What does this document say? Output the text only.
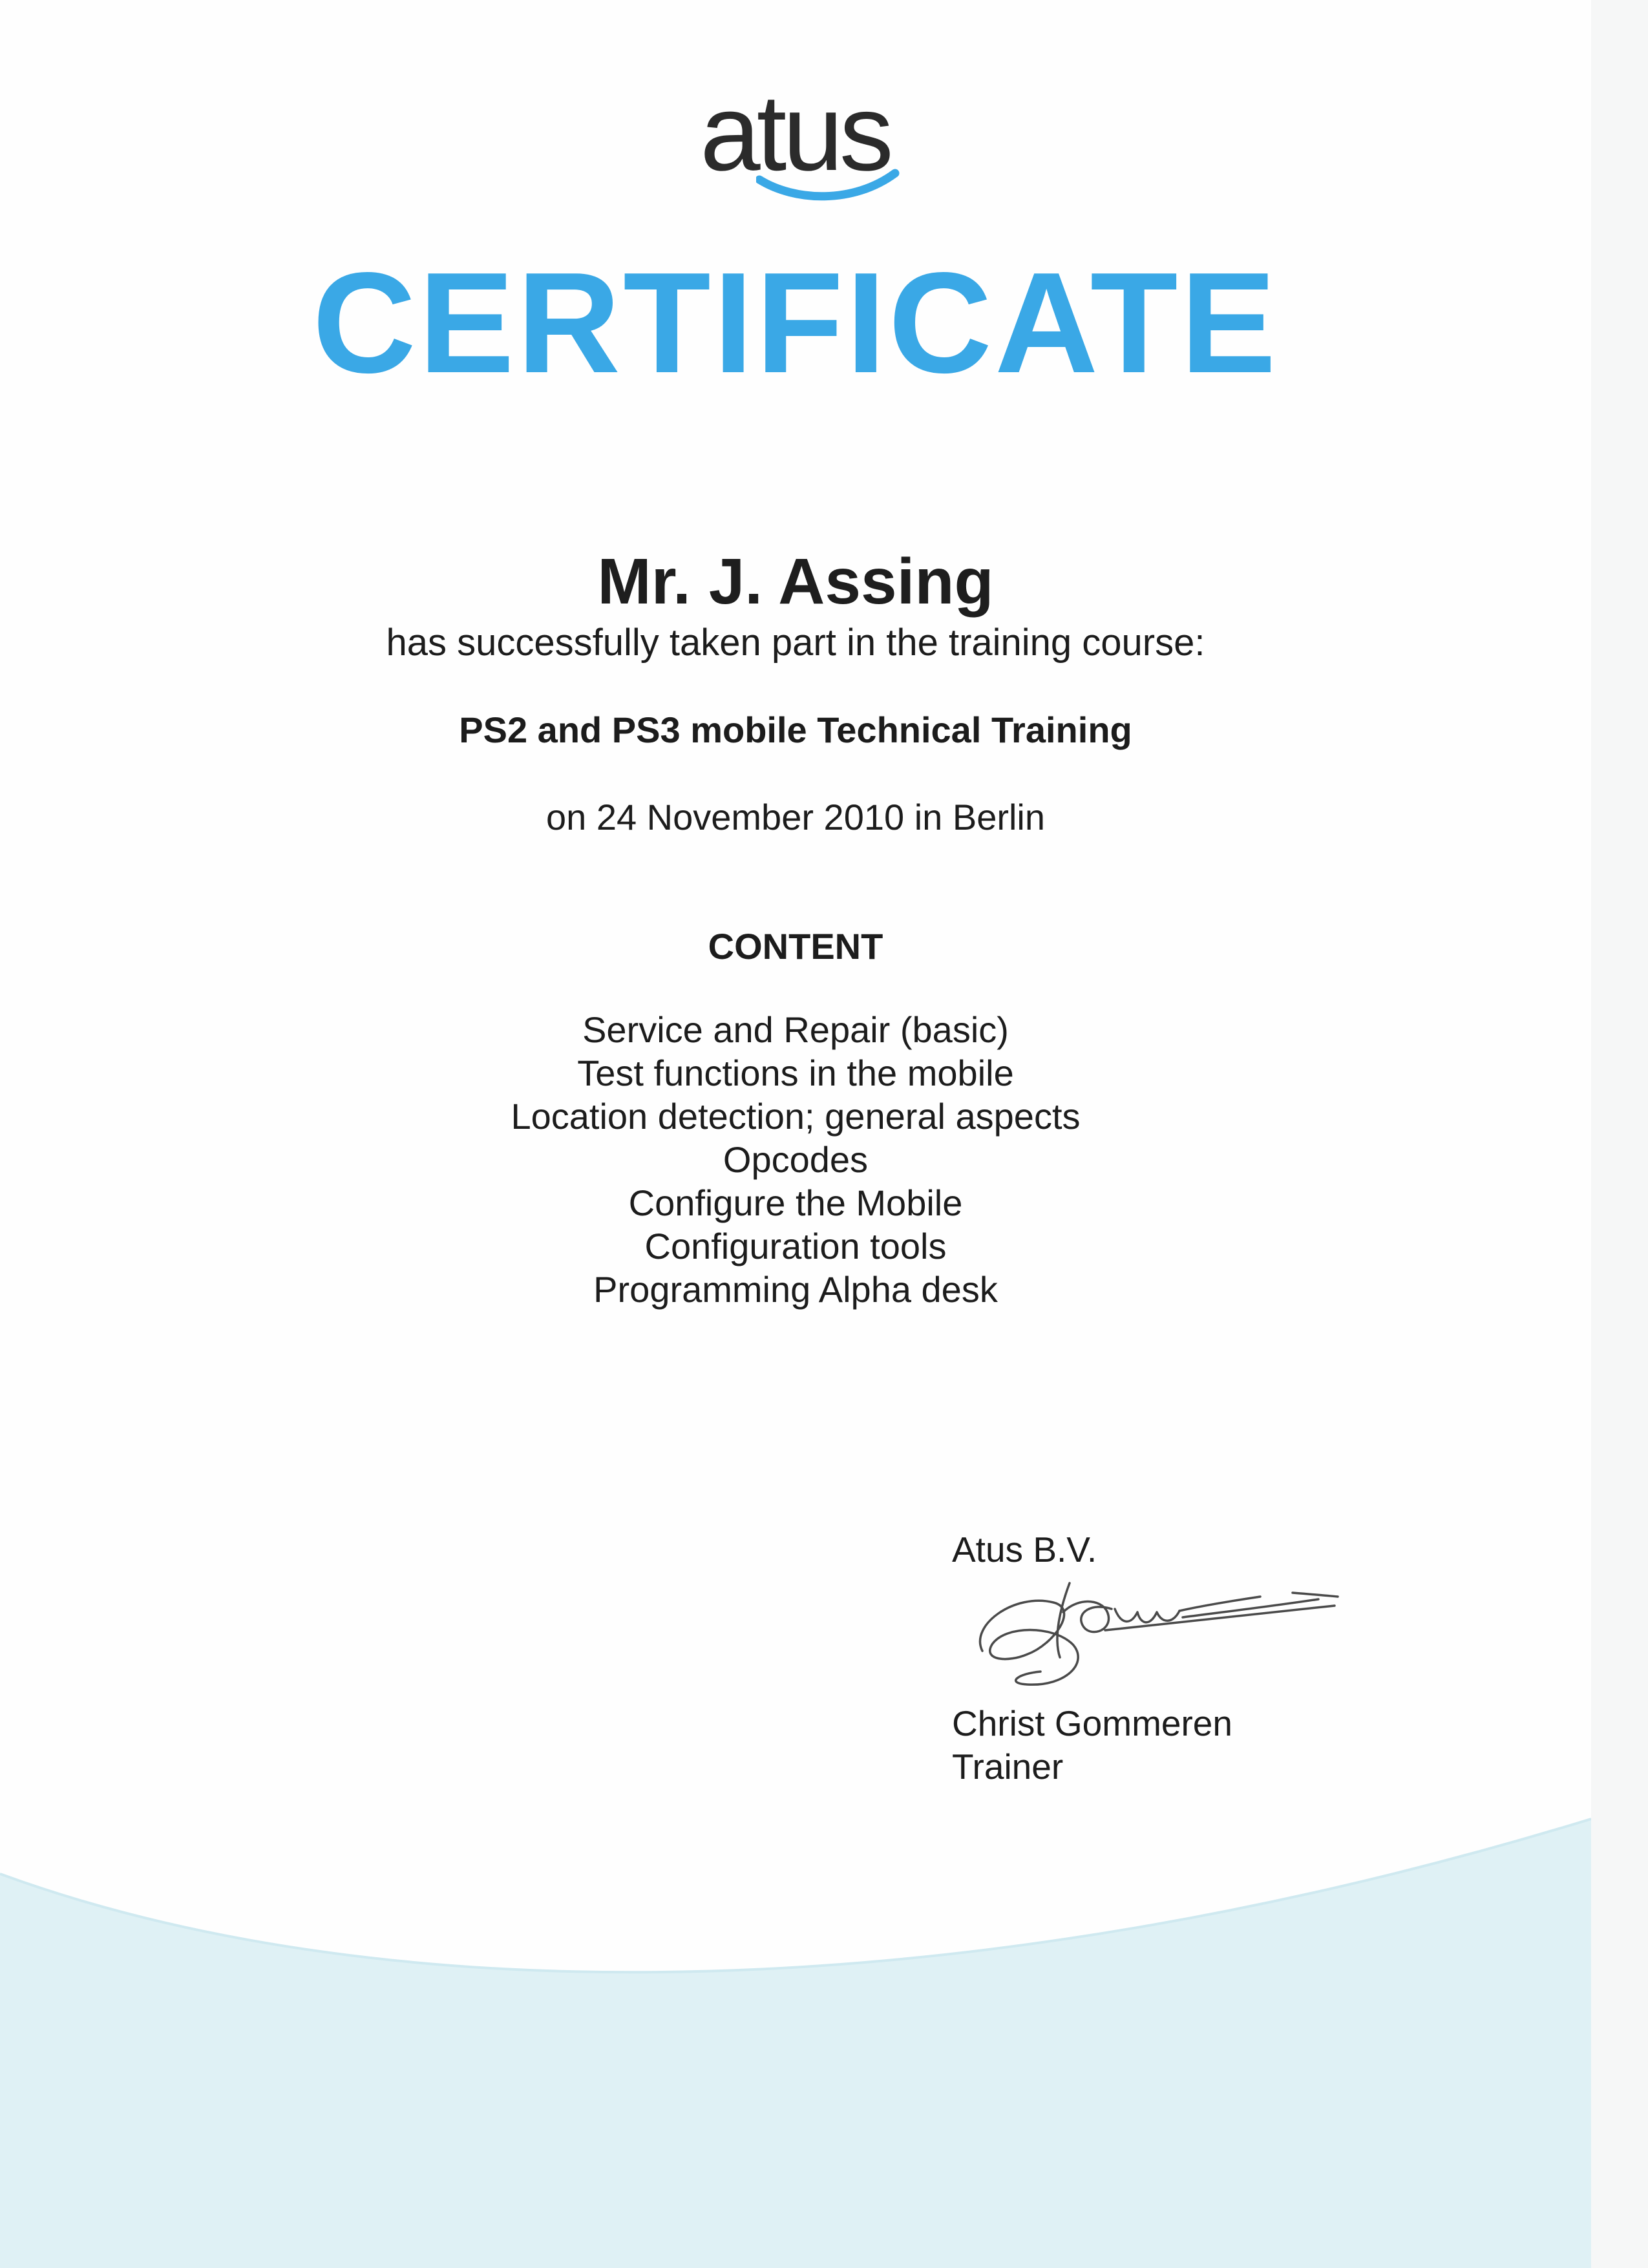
atus
CERTIFICATE
Mr. J. Assing
has successfully taken part in the training course:
PS2 and PS3 mobile Technical Training
on 24 November 2010 in Berlin
CONTENT
Service and Repair (basic)
Test functions in the mobile
Location detection; general aspects
Opcodes
Configure the Mobile
Configuration tools
Programming Alpha desk
Atus B.V.
Christ Gommeren
Trainer
